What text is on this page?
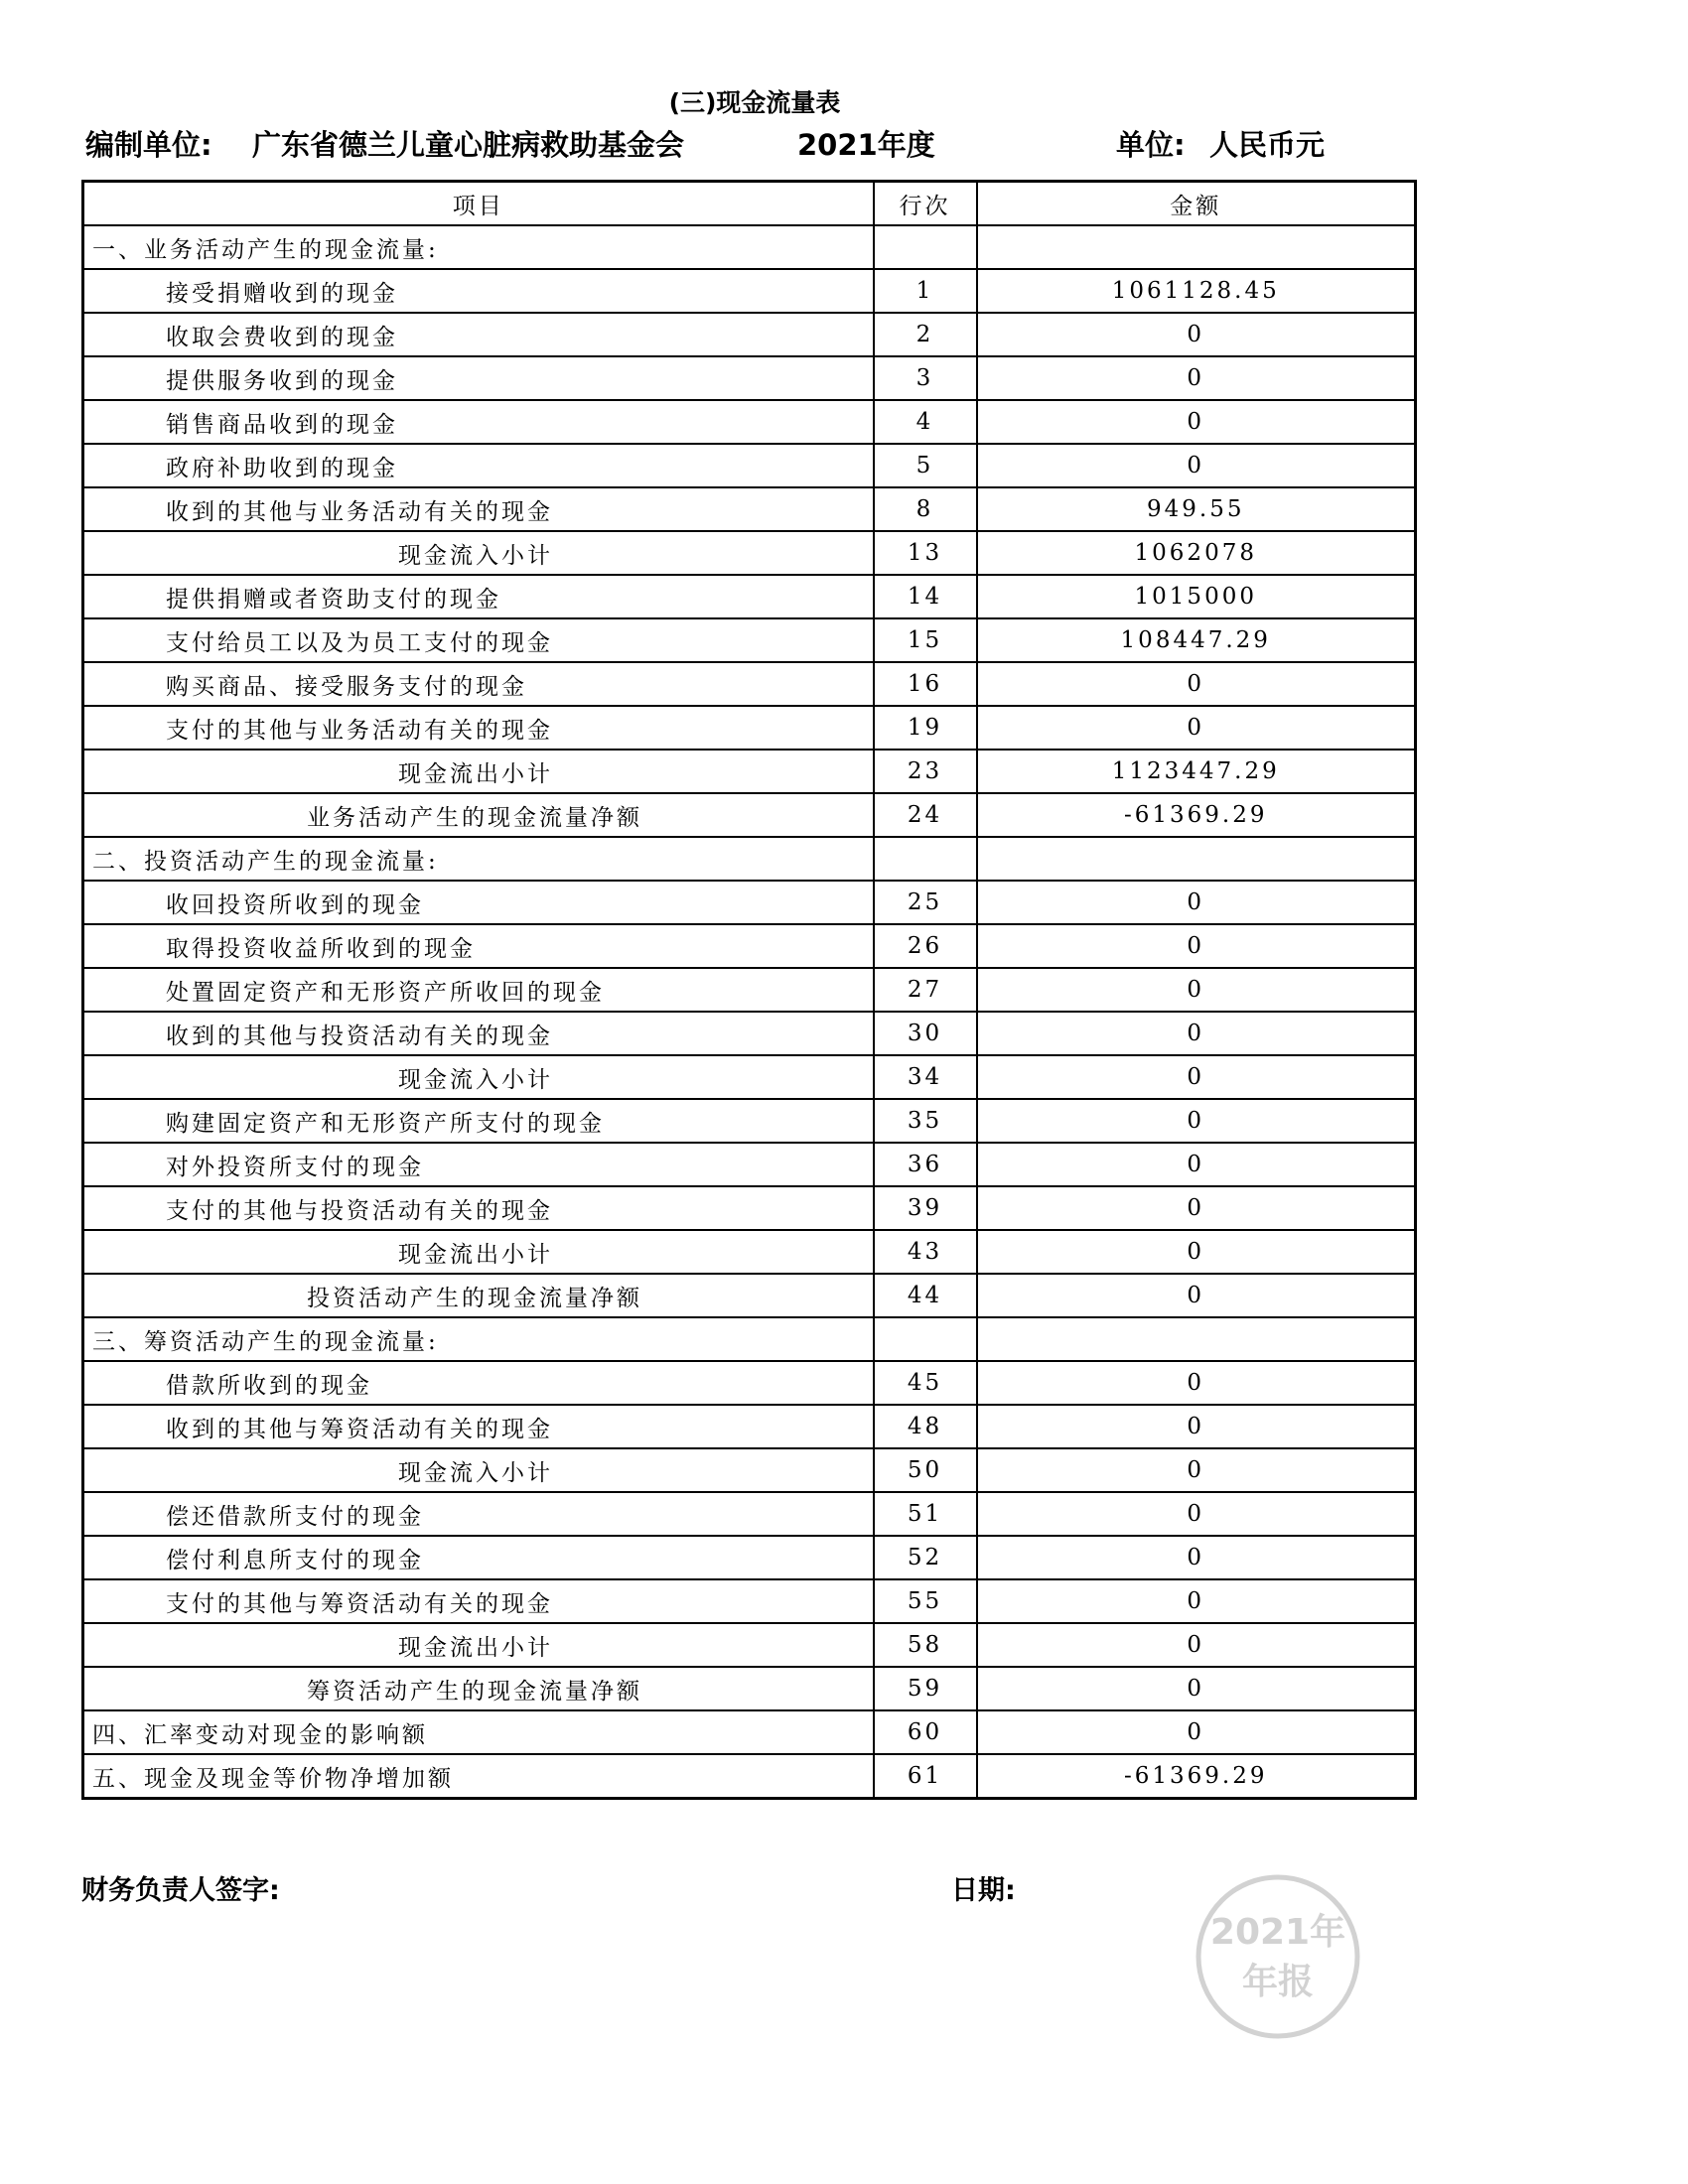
(三)现金流量表
编制单位: 广东省德兰儿童心脏病救助基金会	2021年度	单位: 人民币元
项目	行次	金额
一、业务活动产生的现金流量:		
接受捐赠收到的现金	1	1061128.45
收取会费收到的现金	2	0
提供服务收到的现金	3	0
销售商品收到的现金	4	0
政府补助收到的现金	5	0
收到的其他与业务活动有关的现金	8	949.55
现金流入小计	13	1062078
提供捐赠或者资助支付的现金	14	1015000
支付给员工以及为员工支付的现金	15	108447.29
购买商品、接受服务支付的现金	16	0
支付的其他与业务活动有关的现金	19	0
现金流出小计	23	1123447.29
业务活动产生的现金流量净额	24	-61369.29
二、投资活动产生的现金流量:		
收回投资所收到的现金	25	0
取得投资收益所收到的现金	26	0
处置固定资产和无形资产所收回的现金	27	0
收到的其他与投资活动有关的现金	30	0
现金流入小计	34	0
购建固定资产和无形资产所支付的现金	35	0
对外投资所支付的现金	36	0
支付的其他与投资活动有关的现金	39	0
现金流出小计	43	0
投资活动产生的现金流量净额	44	0
三、筹资活动产生的现金流量:		
借款所收到的现金	45	0
收到的其他与筹资活动有关的现金	48	0
现金流入小计	50	0
偿还借款所支付的现金	51	0
偿付利息所支付的现金	52	0
支付的其他与筹资活动有关的现金	55	0
现金流出小计	58	0
筹资活动产生的现金流量净额	59	0
四、汇率变动对现金的影响额	60	0
五、现金及现金等价物净增加额	61	-61369.29
财务负责人签字:	日期:
2021年
年报
